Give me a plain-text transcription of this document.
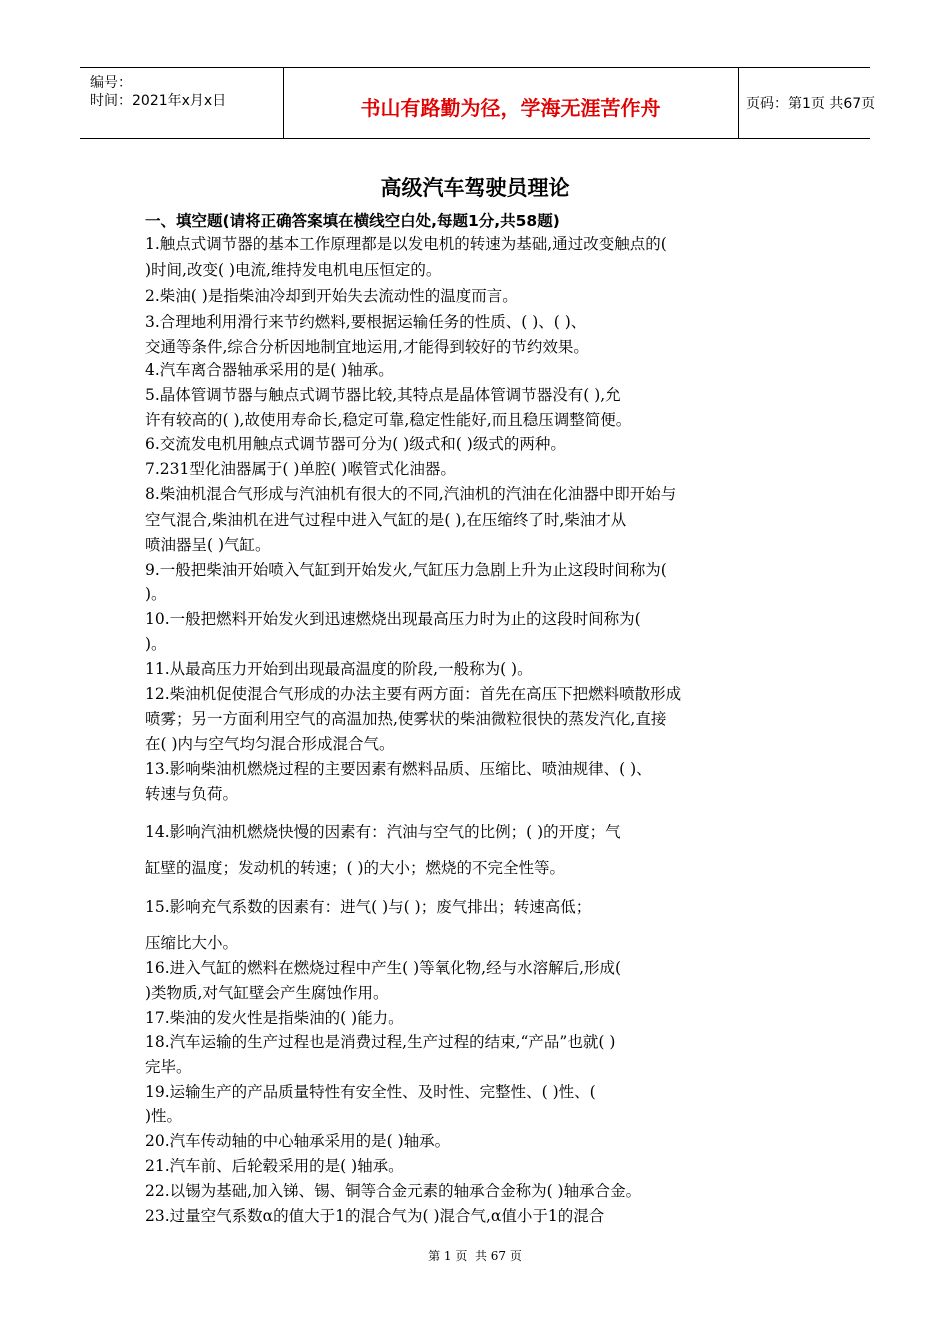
编号：
时间：2021年x月x日	书山有路勤为径，学海无涯苦作舟	页码：第1页 共67页
高级汽车驾驶员理论
一、填空题(请将正确答案填在横线空白处,每题1分,共58题)
1.触点式调节器的基本工作原理都是以发电机的转速为基础,通过改变触点的(
)时间,改变( )电流,维持发电机电压恒定的。
2.柴油( )是指柴油冷却到开始失去流动性的温度而言。
3.合理地利用滑行来节约燃料,要根据运输任务的性质、( )、( )、
交通等条件,综合分析因地制宜地运用,才能得到较好的节约效果。
4.汽车离合器轴承采用的是( )轴承。
5.晶体管调节器与触点式调节器比较,其特点是晶体管调节器没有( ),允
许有较高的( ),故使用寿命长,稳定可靠,稳定性能好,而且稳压调整简便。
6.交流发电机用触点式调节器可分为( )级式和( )级式的两种。
7.231型化油器属于( )单腔( )喉管式化油器。
8.柴油机混合气形成与汽油机有很大的不同,汽油机的汽油在化油器中即开始与
空气混合,柴油机在进气过程中进入气缸的是( ),在压缩终了时,柴油才从
喷油器呈( )气缸。
9.一般把柴油开始喷入气缸到开始发火,气缸压力急剧上升为止这段时间称为(
)。
10.一般把燃料开始发火到迅速燃烧出现最高压力时为止的这段时间称为(
)。
11.从最高压力开始到出现最高温度的阶段,一般称为( )。
12.柴油机促使混合气形成的办法主要有两方面：首先在高压下把燃料喷散形成
喷雾；另一方面利用空气的高温加热,使雾状的柴油微粒很快的蒸发汽化,直接
在( )内与空气均匀混合形成混合气。
13.影响柴油机燃烧过程的主要因素有燃料品质、压缩比、喷油规律、( )、
转速与负荷。
14.影响汽油机燃烧快慢的因素有：汽油与空气的比例；( )的开度；气
缸壁的温度；发动机的转速；( )的大小；燃烧的不完全性等。
15.影响充气系数的因素有：进气( )与( )；废气排出；转速高低；
压缩比大小。
16.进入气缸的燃料在燃烧过程中产生( )等氧化物,经与水溶解后,形成(
)类物质,对气缸壁会产生腐蚀作用。
17.柴油的发火性是指柴油的( )能力。
18.汽车运输的生产过程也是消费过程,生产过程的结束,“产品”也就( )
完毕。
19.运输生产的产品质量特性有安全性、及时性、完整性、( )性、(
)性。
20.汽车传动轴的中心轴承采用的是( )轴承。
21.汽车前、后轮毂采用的是( )轴承。
22.以锡为基础,加入锑、锡、铜等合金元素的轴承合金称为( )轴承合金。
23.过量空气系数α的值大于1的混合气为( )混合气,α值小于1的混合
第 1 页  共 67 页
